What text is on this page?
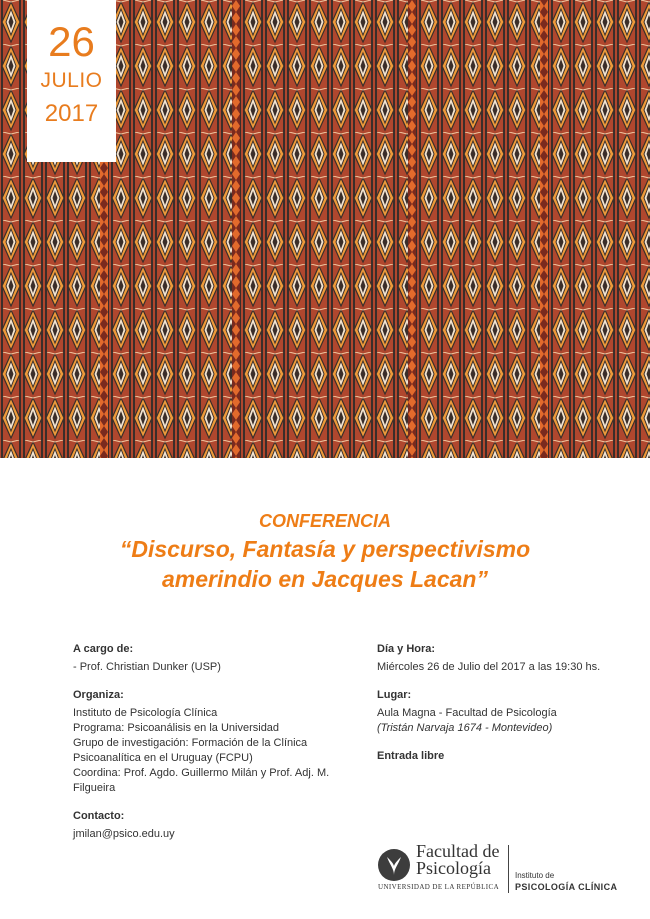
26
JULIO
2017
CONFERENCIA
“Discurso, Fantasía y perspectivismo
amerindio en Jacques Lacan”
A cargo de:
- Prof. Christian Dunker (USP)
Organiza:
Instituto de Psicología Clínica
Programa: Psicoanálisis en la Universidad
Grupo de investigación: Formación de la Clínica
Psicoanalítica en el Uruguay (FCPU)
Coordina: Prof. Agdo. Guillermo Milán y Prof. Adj. M. Filgueira
Contacto:
jmilan@psico.edu.uy
Día y Hora:
Miércoles 26 de Julio del 2017 a las 19:30 hs.
Lugar:
Aula Magna - Facultad de Psicología
(Tristán Narvaja 1674 - Montevideo)
Entrada libre
Facultad de
Psicología
UNIVERSIDAD DE LA REPÚBLICA
Instituto de
PSICOLOGÍA CLÍNICA
